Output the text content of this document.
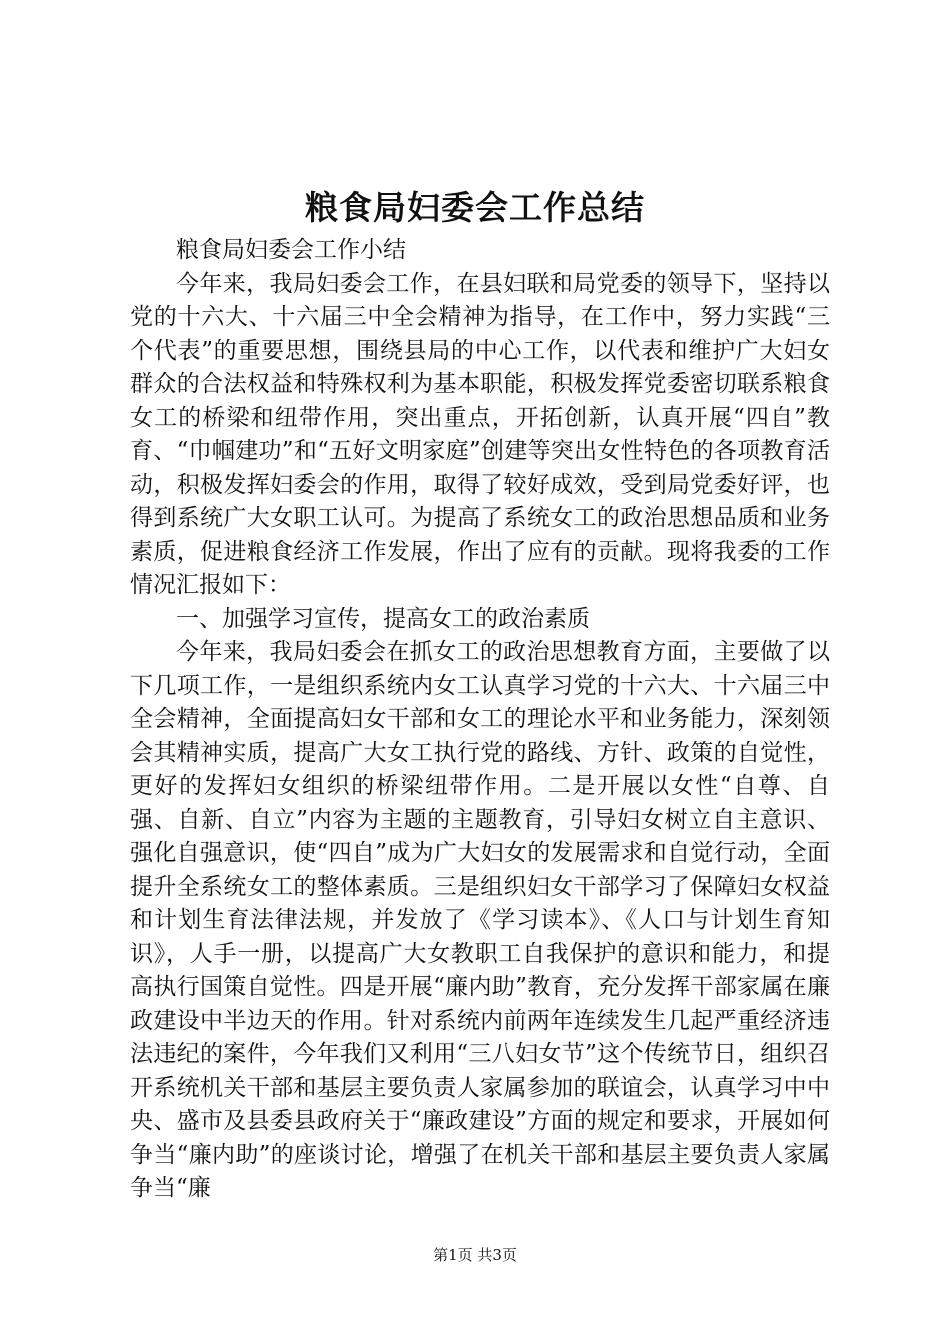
粮食局妇委会工作总结

粮食局妇委会工作小结

今年来，我局妇委会工作，在县妇联和局党委的领导下，坚持以党的十六大、十六届三中全会精神为指导，在工作中，努力实践“三个代表”的重要思想，围绕县局的中心工作，以代表和维护广大妇女群众的合法权益和特殊权利为基本职能，积极发挥党委密切联系粮食女工的桥梁和纽带作用，突出重点，开拓创新，认真开展“四自”教育、“巾帼建功”和“五好文明家庭”创建等突出女性特色的各项教育活动，积极发挥妇委会的作用，取得了较好成效，受到局党委好评，也得到系统广大女职工认可。为提高了系统女工的政治思想品质和业务素质，促进粮食经济工作发展，作出了应有的贡献。现将我委的工作情况汇报如下：

一、加强学习宣传，提高女工的政治素质

今年来，我局妇委会在抓女工的政治思想教育方面，主要做了以下几项工作，一是组织系统内女工认真学习党的十六大、十六届三中全会精神，全面提高妇女干部和女工的理论水平和业务能力，深刻领会其精神实质，提高广大女工执行党的路线、方针、政策的自觉性，更好的发挥妇女组织的桥梁纽带作用。二是开展以女性“自尊、自强、自新、自立”内容为主题的主题教育，引导妇女树立自主意识、强化自强意识，使“四自”成为广大妇女的发展需求和自觉行动，全面提升全系统女工的整体素质。三是组织妇女干部学习了保障妇女权益和计划生育法律法规，并发放了《学习读本》、《人口与计划生育知识》，人手一册，以提高广大女教职工自我保护的意识和能力，和提高执行国策自觉性。四是开展“廉内助”教育，充分发挥干部家属在廉政建设中半边天的作用。针对系统内前两年连续发生几起严重经济违法违纪的案件，今年我们又利用“三八妇女节”这个传统节日，组织召开系统机关干部和基层主要负责人家属参加的联谊会，认真学习中中央、盛市及县委县政府关于“廉政建设”方面的规定和要求，开展如何争当“廉内助”的座谈讨论，增强了在机关干部和基层主要负责人家属争当“廉

第1页 共3页
